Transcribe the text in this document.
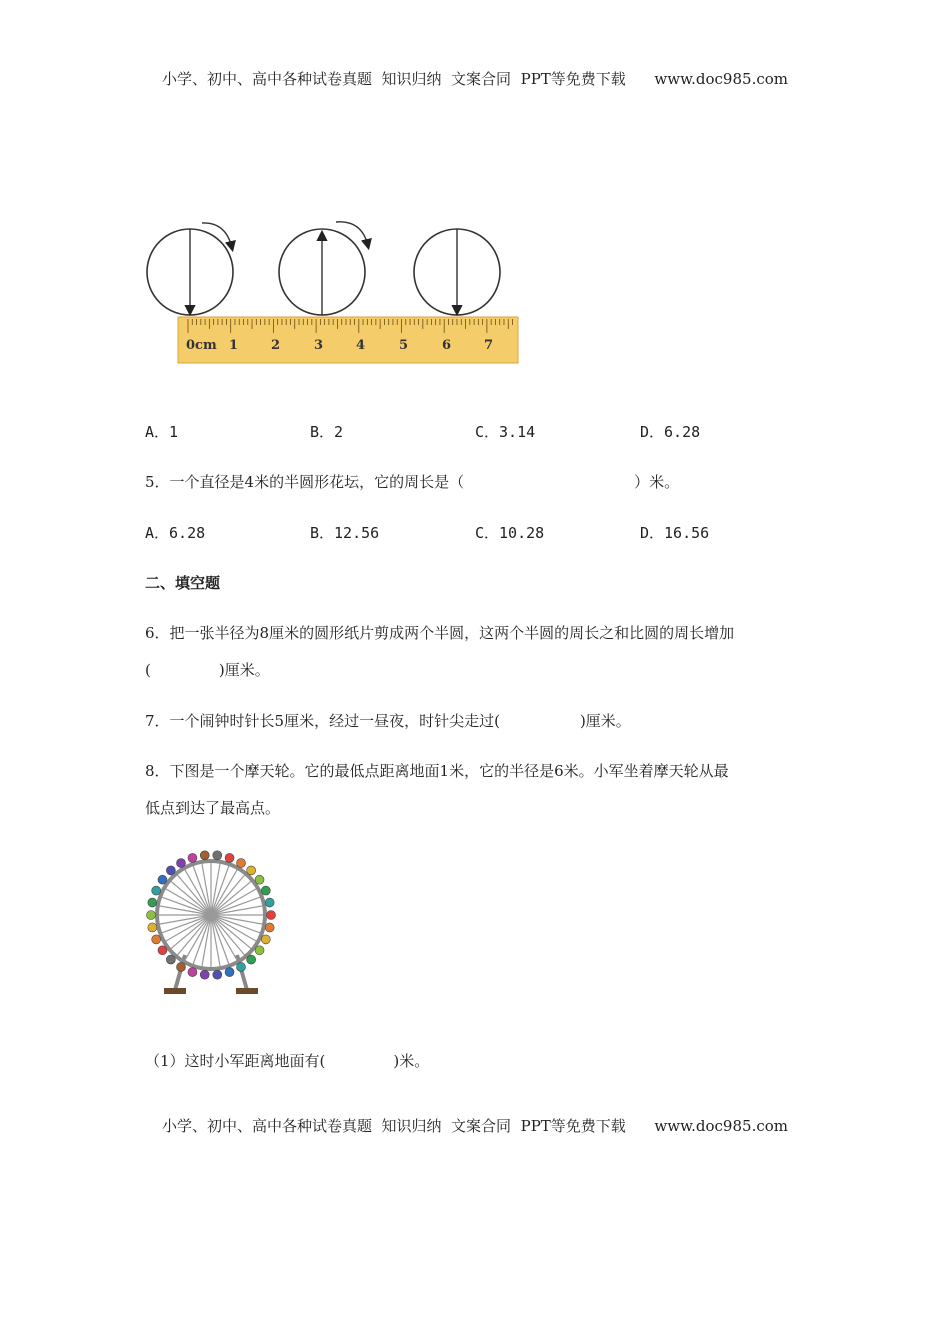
小学、初中、高中各种试卷真题  知识归纳  文案合同  PPT等免费下载      www.doc985.com
0cm 1	2	3	4	5	6	7
A．1	B．2	C．3.14	D．6.28
5．一个直径是4米的半圆形花坛，它的周长是（	）米。
A．6.28	B．12.56	C．10.28	D．16.56
二、填空题
6．把一张半径为8厘米的圆形纸片剪成两个半圆，这两个半圆的周长之和比圆的周长增加
(	)厘米。
7．一个闹钟时针长5厘米，经过一昼夜，时针尖走过(	)厘米。
8．下图是一个摩天轮。它的最低点距离地面1米，它的半径是6米。小军坐着摩天轮从最
低点到达了最高点。
（1）这时小军距离地面有(	)米。
小学、初中、高中各种试卷真题  知识归纳  文案合同  PPT等免费下载      www.doc985.com
